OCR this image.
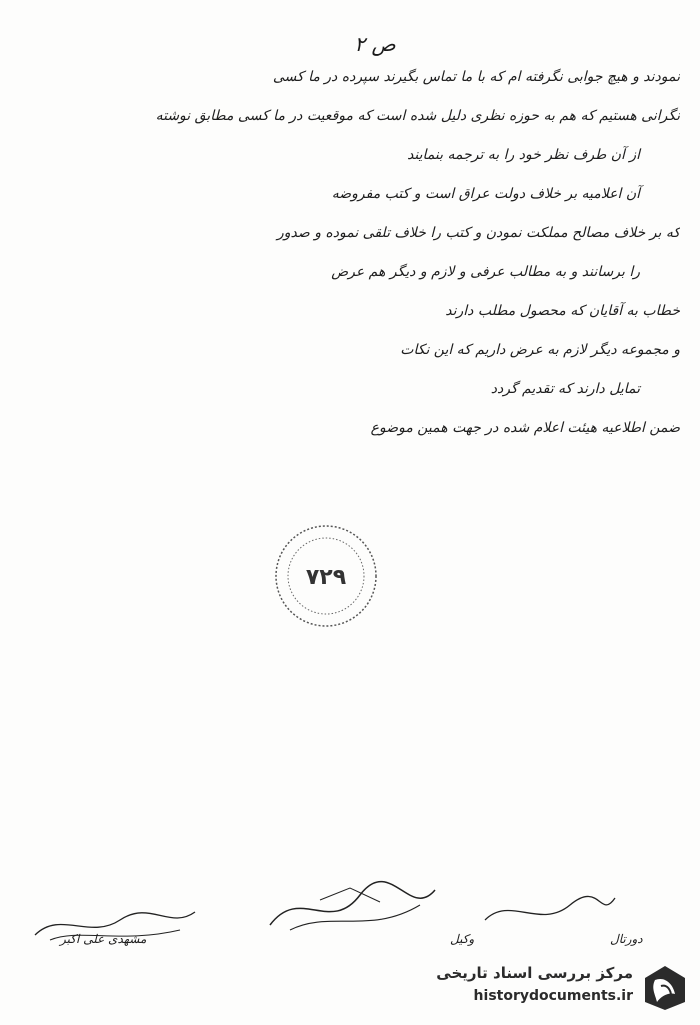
ص ۲
نمودند و هیچ جوابی نگرفته ام که با ما تماس بگیرند سپرده در ما کسی
نگرانی هستیم که هم به حوزه نظری دلیل شده است که موقعیت در ما کسی مطابق نوشته
از آن طرف نظر خود را به ترجمه بنمایند
آن اعلامیه بر خلاف دولت عراق است و کتب مفروضه
که بر خلاف مصالح مملکت نمودن و کتب را خلاف تلقی نموده و صدور
را برسانند و به مطالب عرفی و لازم و دیگر هم عرض
خطاب به آقایان که محصول مطلب دارند
و مجموعه دیگر لازم به عرض داریم که این نکات
تمایل دارند که تقدیم گردد
ضمن اطلاعیه هیئت اعلام شده در جهت همین موضوع
۷۲۹
مشهدی علی اکبر	وکیل	دورتال
مرکز بررسی اسناد تاریخی
historydocuments.ir
